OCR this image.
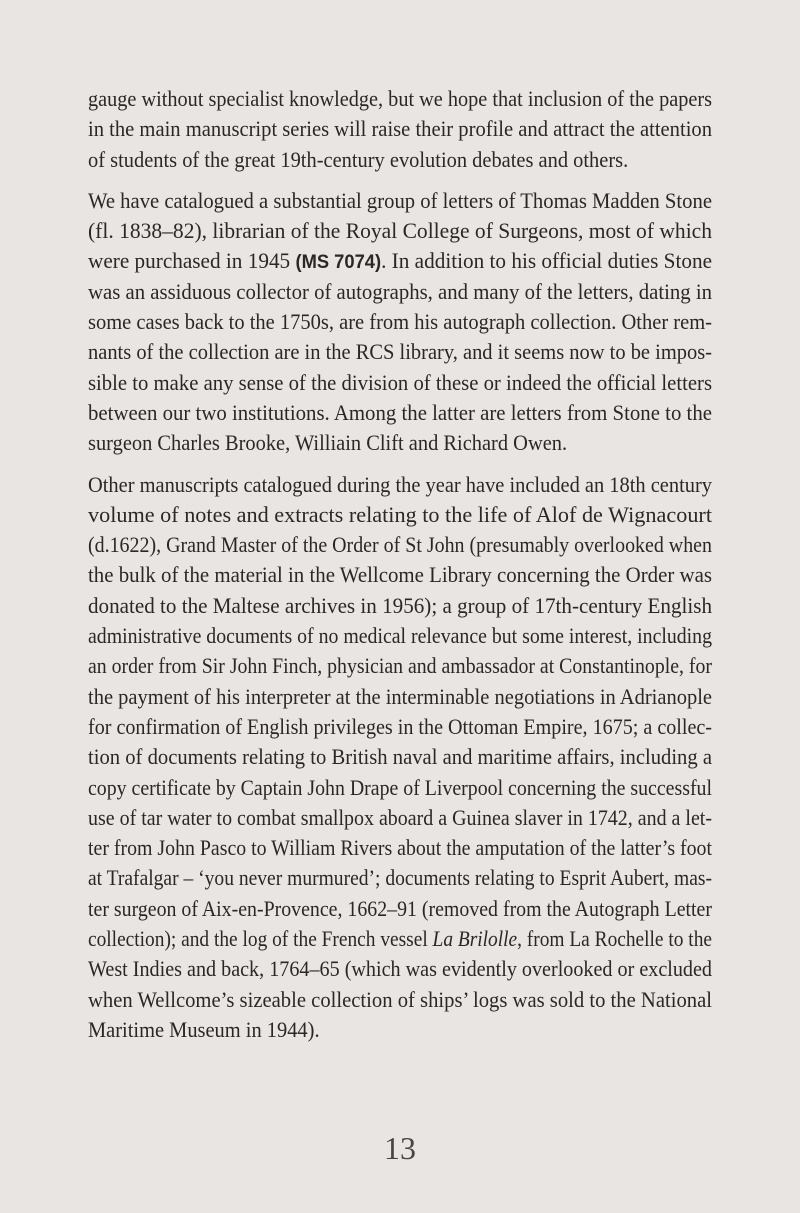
gauge without specialist knowledge, but we hope that inclusion of the papers
in the main manuscript series will raise their profile and attract the attention
of students of the great 19th-century evolution debates and others.
We have catalogued a substantial group of letters of Thomas Madden Stone
(fl. 1838–82), librarian of the Royal College of Surgeons, most of which
were purchased in 1945 (MS 7074). In addition to his official duties Stone
was an assiduous collector of autographs, and many of the letters, dating in
some cases back to the 1750s, are from his autograph collection. Other rem-
nants of the collection are in the RCS library, and it seems now to be impos-
sible to make any sense of the division of these or indeed the official letters
between our two institutions. Among the latter are letters from Stone to the
surgeon Charles Brooke, Williain Clift and Richard Owen.
Other manuscripts catalogued during the year have included an 18th century
volume of notes and extracts relating to the life of Alof de Wignacourt
(d.1622), Grand Master of the Order of St John (presumably overlooked when
the bulk of the material in the Wellcome Library concerning the Order was
donated to the Maltese archives in 1956); a group of 17th-century English
administrative documents of no medical relevance but some interest, including
an order from Sir John Finch, physician and ambassador at Constantinople, for
the payment of his interpreter at the interminable negotiations in Adrianople
for confirmation of English privileges in the Ottoman Empire, 1675; a collec-
tion of documents relating to British naval and maritime affairs, including a
copy certificate by Captain John Drape of Liverpool concerning the successful
use of tar water to combat smallpox aboard a Guinea slaver in 1742, and a let-
ter from John Pasco to William Rivers about the amputation of the latter’s foot
at Trafalgar – ‘you never murmured’; documents relating to Esprit Aubert, mas-
ter surgeon of Aix-en-Provence, 1662–91 (removed from the Autograph Letter
collection); and the log of the French vessel La Brilolle, from La Rochelle to the
West Indies and back, 1764–65 (which was evidently overlooked or excluded
when Wellcome’s sizeable collection of ships’ logs was sold to the National
Maritime Museum in 1944).
13
